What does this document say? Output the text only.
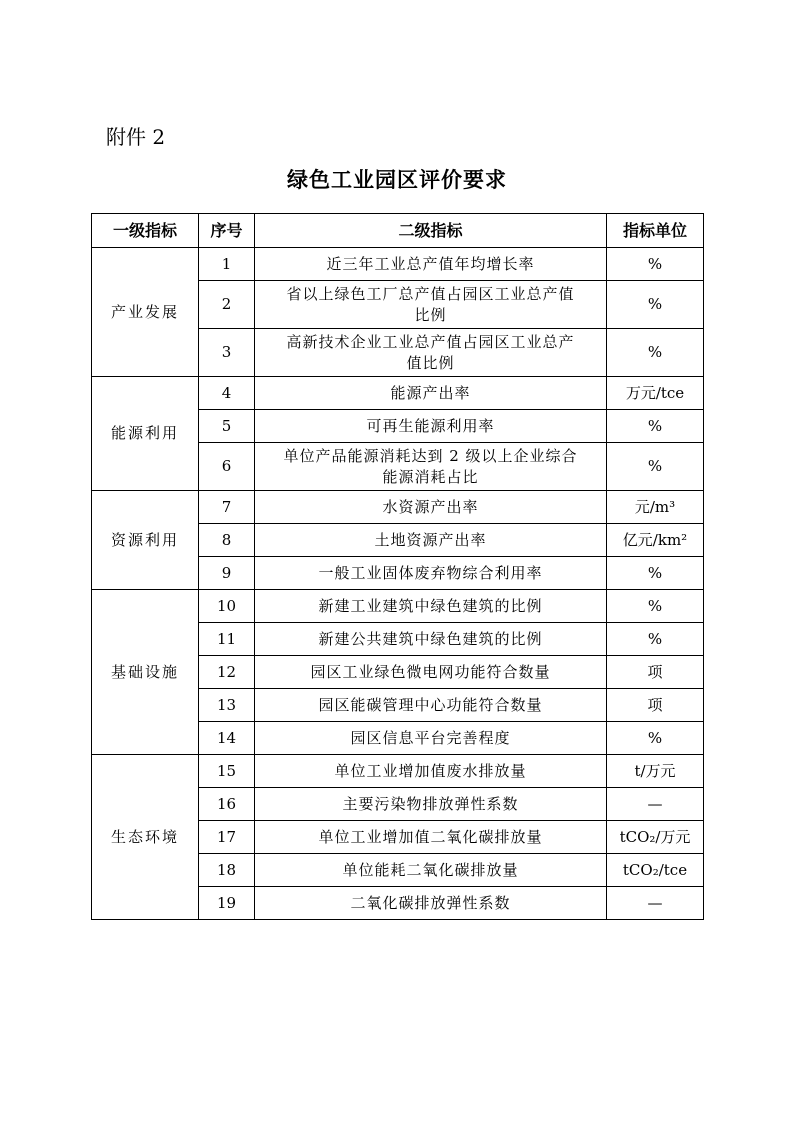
附件 2
绿色工业园区评价要求
一级指标	序号	二级指标	指标单位
产业发展	1	近三年工业总产值年均增长率	%
	2	省以上绿色工厂总产值占园区工业总产值比例	%
	3	高新技术企业工业总产值占园区工业总产值比例	%
能源利用	4	能源产出率	万元/tce
	5	可再生能源利用率	%
	6	单位产品能源消耗达到 2 级以上企业综合能源消耗占比	%
资源利用	7	水资源产出率	元/m³
	8	土地资源产出率	亿元/km²
	9	一般工业固体废弃物综合利用率	%
基础设施	10	新建工业建筑中绿色建筑的比例	%
	11	新建公共建筑中绿色建筑的比例	%
	12	园区工业绿色微电网功能符合数量	项
	13	园区能碳管理中心功能符合数量	项
	14	园区信息平台完善程度	%
生态环境	15	单位工业增加值废水排放量	t/万元
	16	主要污染物排放弹性系数	—
	17	单位工业增加值二氧化碳排放量	tCO₂/万元
	18	单位能耗二氧化碳排放量	tCO₂/tce
	19	二氧化碳排放弹性系数	—
